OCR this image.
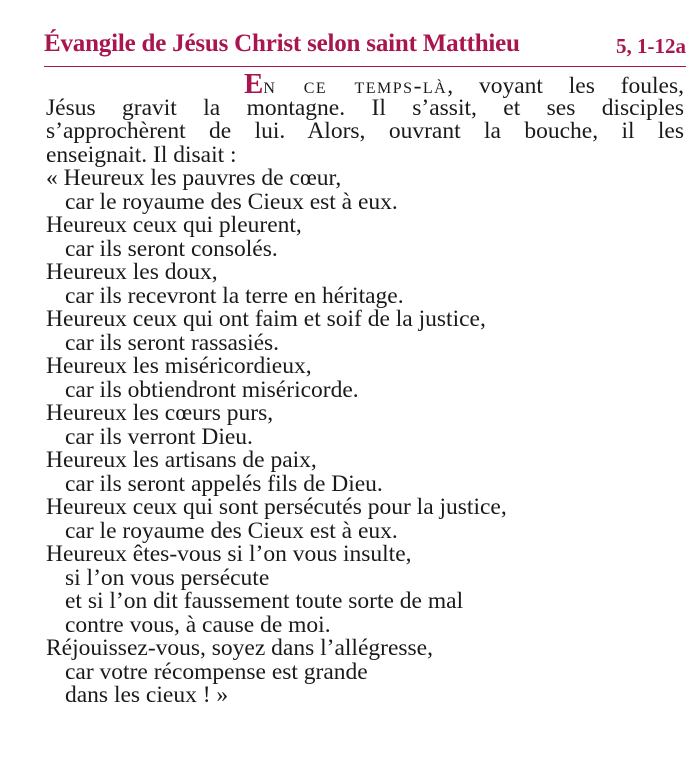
Évangile de Jésus Christ selon saint Matthieu	5, 1-12a
En ce temps-là, voyant les foules,
Jésus gravit la montagne. Il s’assit, et ses disciples
s’approchèrent de lui. Alors, ouvrant la bouche, il les
enseignait. Il disait :
« Heureux les pauvres de cœur,
car le royaume des Cieux est à eux.
Heureux ceux qui pleurent,
car ils seront consolés.
Heureux les doux,
car ils recevront la terre en héritage.
Heureux ceux qui ont faim et soif de la justice,
car ils seront rassasiés.
Heureux les miséricordieux,
car ils obtiendront miséricorde.
Heureux les cœurs purs,
car ils verront Dieu.
Heureux les artisans de paix,
car ils seront appelés fils de Dieu.
Heureux ceux qui sont persécutés pour la justice,
car le royaume des Cieux est à eux.
Heureux êtes-vous si l’on vous insulte,
si l’on vous persécute
et si l’on dit faussement toute sorte de mal
contre vous, à cause de moi.
Réjouissez-vous, soyez dans l’allégresse,
car votre récompense est grande
dans les cieux ! »
